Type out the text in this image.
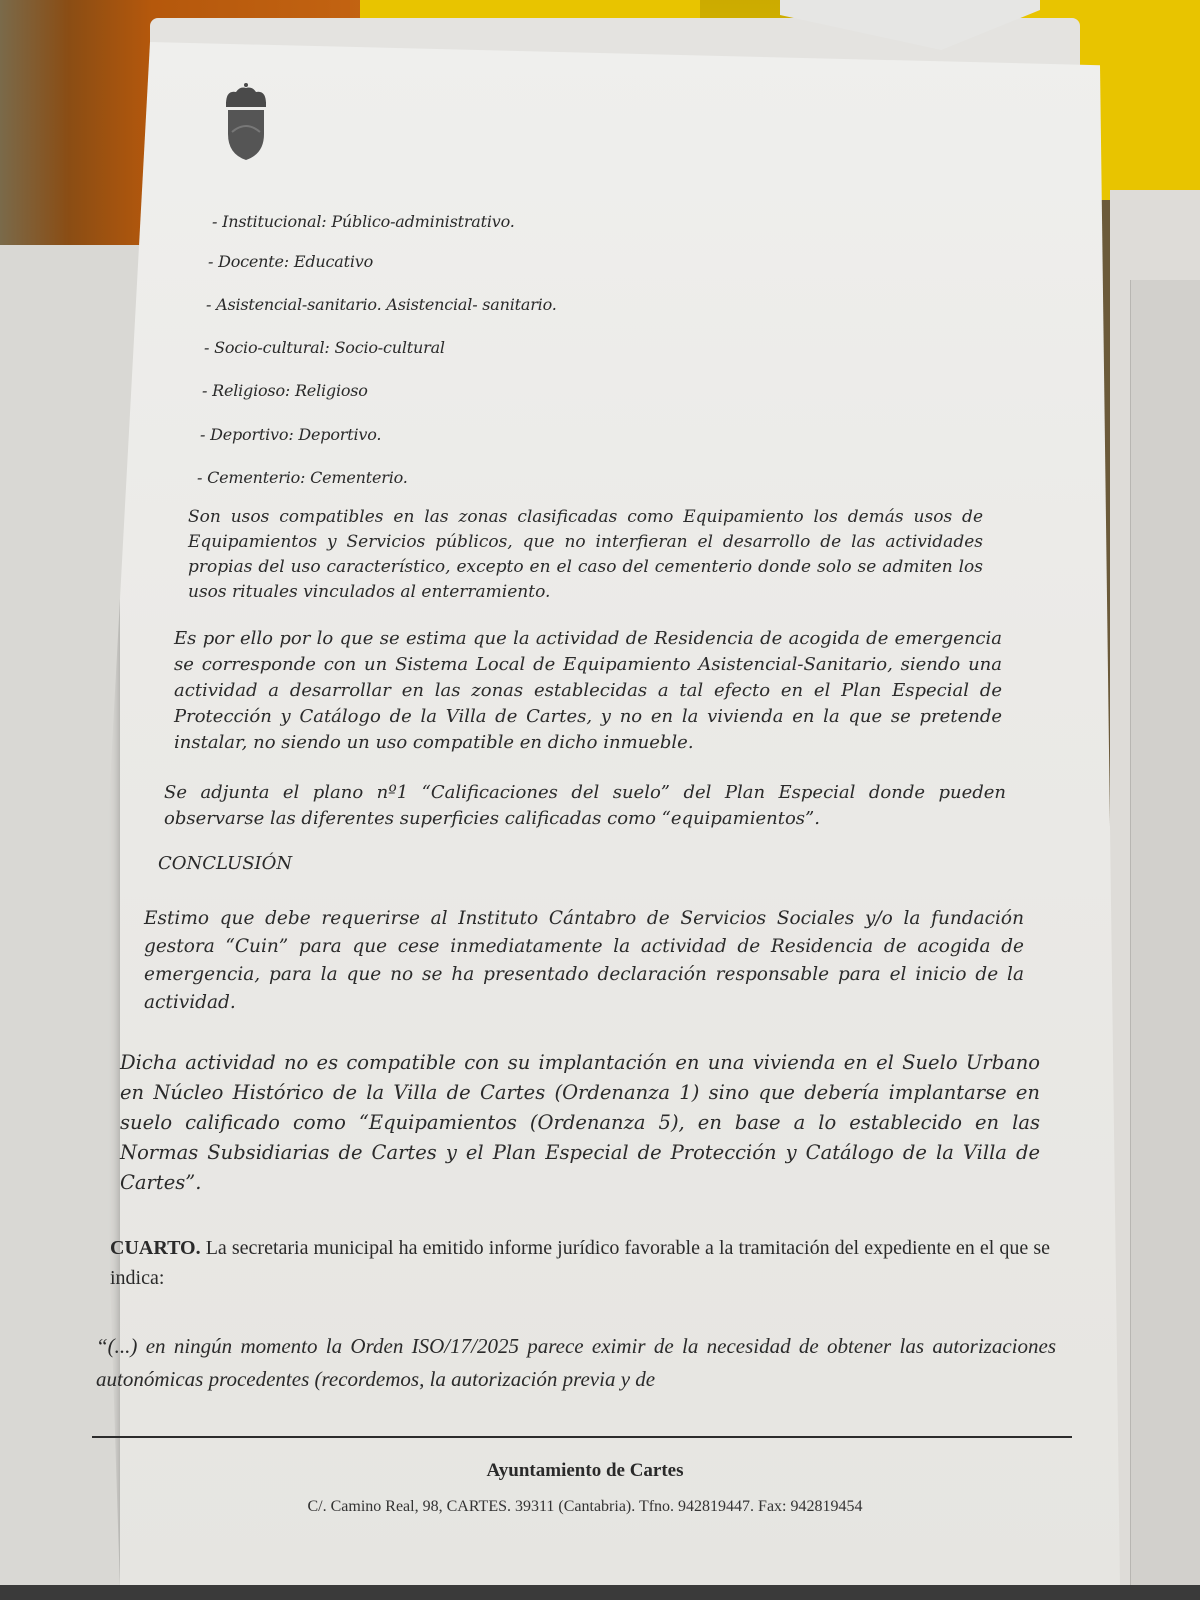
- Institucional: Público-administrativo.
- Docente: Educativo
- Asistencial-sanitario. Asistencial- sanitario.
- Socio-cultural: Socio-cultural
- Religioso: Religioso
- Deportivo: Deportivo.
- Cementerio: Cementerio.
Son usos compatibles en las zonas clasificadas como Equipamiento los demás usos de Equipamientos y Servicios públicos, que no interfieran el desarrollo de las actividades propias del uso característico, excepto en el caso del cementerio donde solo se admiten los usos rituales vinculados al enterramiento.
Es por ello por lo que se estima que la actividad de Residencia de acogida de emergencia se corresponde con un Sistema Local de Equipamiento Asistencial-Sanitario, siendo una actividad a desarrollar en las zonas establecidas a tal efecto en el Plan Especial de Protección y Catálogo de la Villa de Cartes, y no en la vivienda en la que se pretende instalar, no siendo un uso compatible en dicho inmueble.
Se adjunta el plano nº1 “Calificaciones del suelo” del Plan Especial donde pueden observarse las diferentes superficies calificadas como “equipamientos”.
CONCLUSIÓN
Estimo que debe requerirse al Instituto Cántabro de Servicios Sociales y/o la fundación gestora “Cuin” para que cese inmediatamente la actividad de Residencia de acogida de emergencia, para la que no se ha presentado declaración responsable para el inicio de la actividad.
Dicha actividad no es compatible con su implantación en una vivienda en el Suelo Urbano en Núcleo Histórico de la Villa de Cartes (Ordenanza 1) sino que debería implantarse en suelo calificado como “Equipamientos (Ordenanza 5), en base a lo establecido en las Normas Subsidiarias de Cartes y el Plan Especial de Protección y Catálogo de la Villa de Cartes”.
CUARTO. La secretaria municipal ha emitido informe jurídico favorable a la tramitación del expediente en el que se indica:
“(...) en ningún momento la Orden ISO/17/2025 parece eximir de la necesidad de obtener las autorizaciones autonómicas procedentes (recordemos, la autorización previa y de
Ayuntamiento de Cartes
C/. Camino Real, 98, CARTES. 39311 (Cantabria). Tfno. 942819447. Fax: 942819454
